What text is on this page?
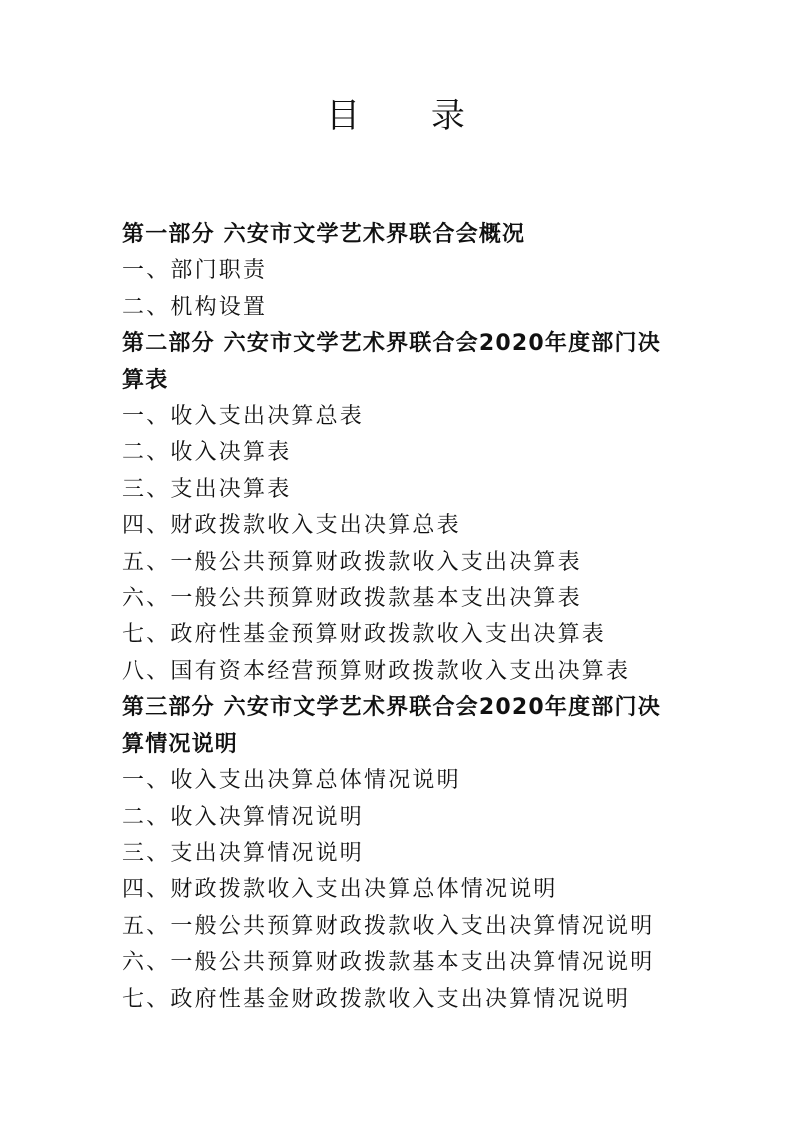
目 录
第一部分 六安市文学艺术界联合会概况
一、部门职责
二、机构设置
第二部分 六安市文学艺术界联合会2020年度部门决算表
一、收入支出决算总表
二、收入决算表
三、支出决算表
四、财政拨款收入支出决算总表
五、一般公共预算财政拨款收入支出决算表
六、一般公共预算财政拨款基本支出决算表
七、政府性基金预算财政拨款收入支出决算表
八、国有资本经营预算财政拨款收入支出决算表
第三部分 六安市文学艺术界联合会2020年度部门决算情况说明
一、收入支出决算总体情况说明
二、收入决算情况说明
三、支出决算情况说明
四、财政拨款收入支出决算总体情况说明
五、一般公共预算财政拨款收入支出决算情况说明
六、一般公共预算财政拨款基本支出决算情况说明
七、政府性基金财政拨款收入支出决算情况说明
